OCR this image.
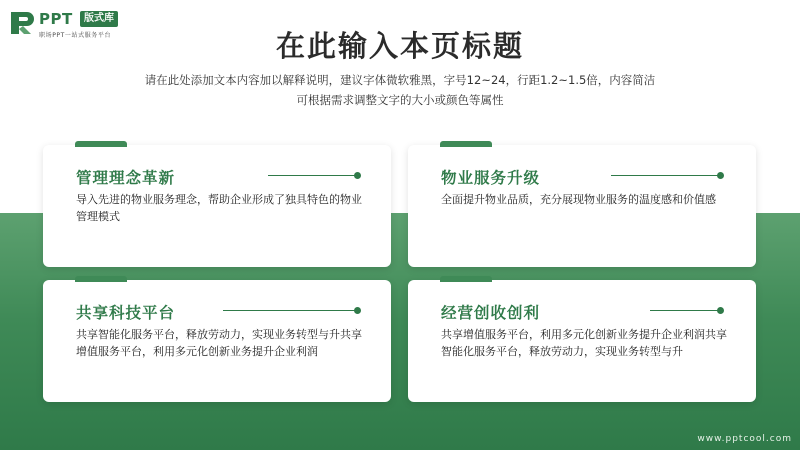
PPT	版式库
职场PPT一站式服务平台	在此输入本页标题
请在此处添加文本内容加以解释说明，建议字体微软雅黑，字号12~24，行距1.2~1.5倍，内容简洁
可根据需求调整文字的大小或颜色等属性
管理理念革新
导入先进的物业服务理念，帮助企业形成了独具特色的物业管理模式
物业服务升级
全面提升物业品质，充分展现物业服务的温度感和价值感
共享科技平台
共享智能化服务平台，释放劳动力，实现业务转型与升共享增值服务平台，利用多元化创新业务提升企业利润
经营创收创利
共享增值服务平台，利用多元化创新业务提升企业利润共享智能化服务平台，释放劳动力，实现业务转型与升
www.pptcool.com
